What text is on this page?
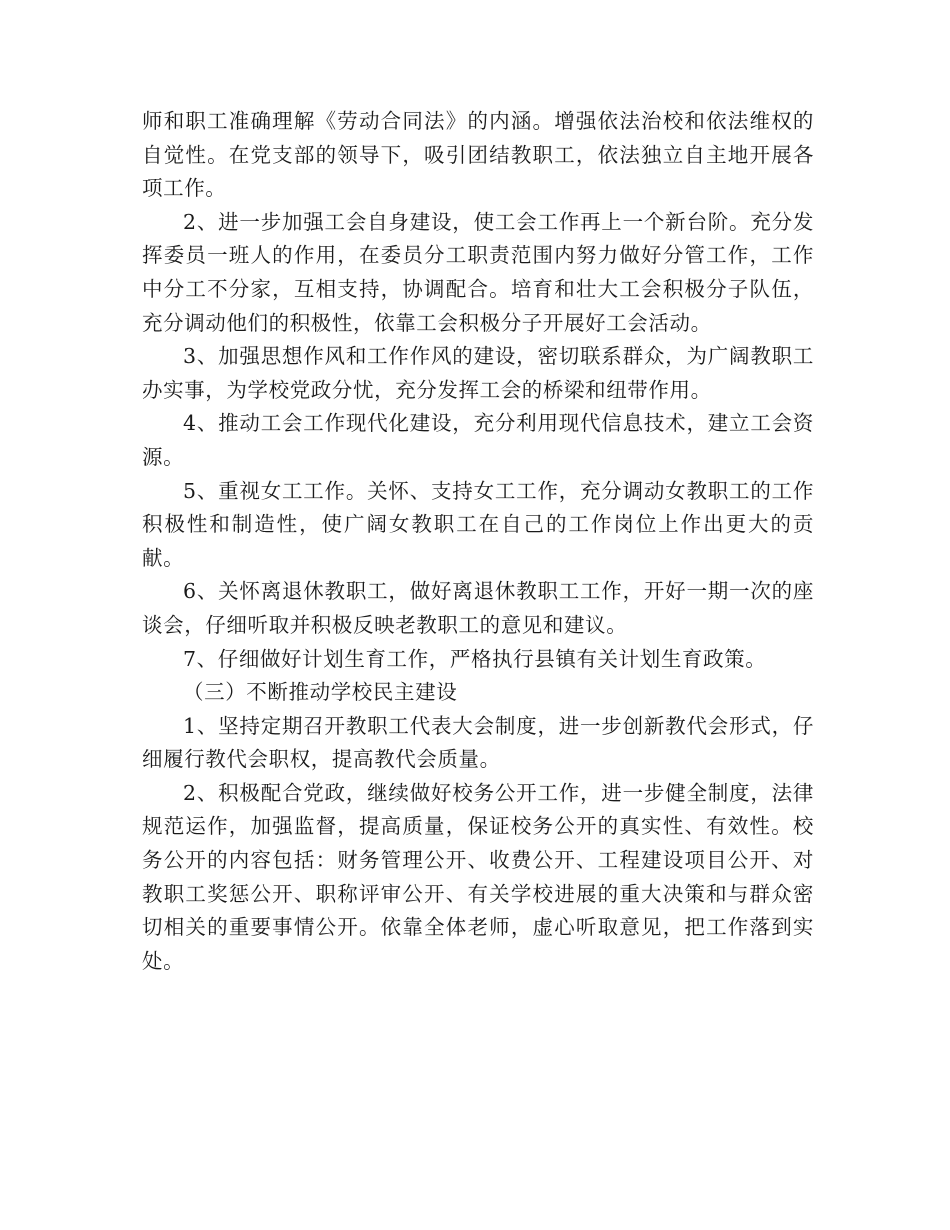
师和职工准确理解《劳动合同法》的内涵。增强依法治校和依法维权的自觉性。在党支部的领导下，吸引团结教职工，依法独立自主地开展各项工作。

2、进一步加强工会自身建设，使工会工作再上一个新台阶。充分发挥委员一班人的作用，在委员分工职责范围内努力做好分管工作，工作中分工不分家，互相支持，协调配合。培育和壮大工会积极分子队伍，充分调动他们的积极性，依靠工会积极分子开展好工会活动。

3、加强思想作风和工作作风的建设，密切联系群众，为广阔教职工办实事，为学校党政分忧，充分发挥工会的桥梁和纽带作用。

4、推动工会工作现代化建设，充分利用现代信息技术，建立工会资源。

5、重视女工工作。关怀、支持女工工作，充分调动女教职工的工作积极性和制造性，使广阔女教职工在自己的工作岗位上作出更大的贡献。

6、关怀离退休教职工，做好离退休教职工工作，开好一期一次的座谈会，仔细听取并积极反映老教职工的意见和建议。

7、仔细做好计划生育工作，严格执行县镇有关计划生育政策。

（三）不断推动学校民主建设

1、坚持定期召开教职工代表大会制度，进一步创新教代会形式，仔细履行教代会职权，提高教代会质量。

2、积极配合党政，继续做好校务公开工作，进一步健全制度，法律规范运作，加强监督，提高质量，保证校务公开的真实性、有效性。校务公开的内容包括：财务管理公开、收费公开、工程建设项目公开、对教职工奖惩公开、职称评审公开、有关学校进展的重大决策和与群众密切相关的重要事情公开。依靠全体老师，虚心听取意见，把工作落到实处。
